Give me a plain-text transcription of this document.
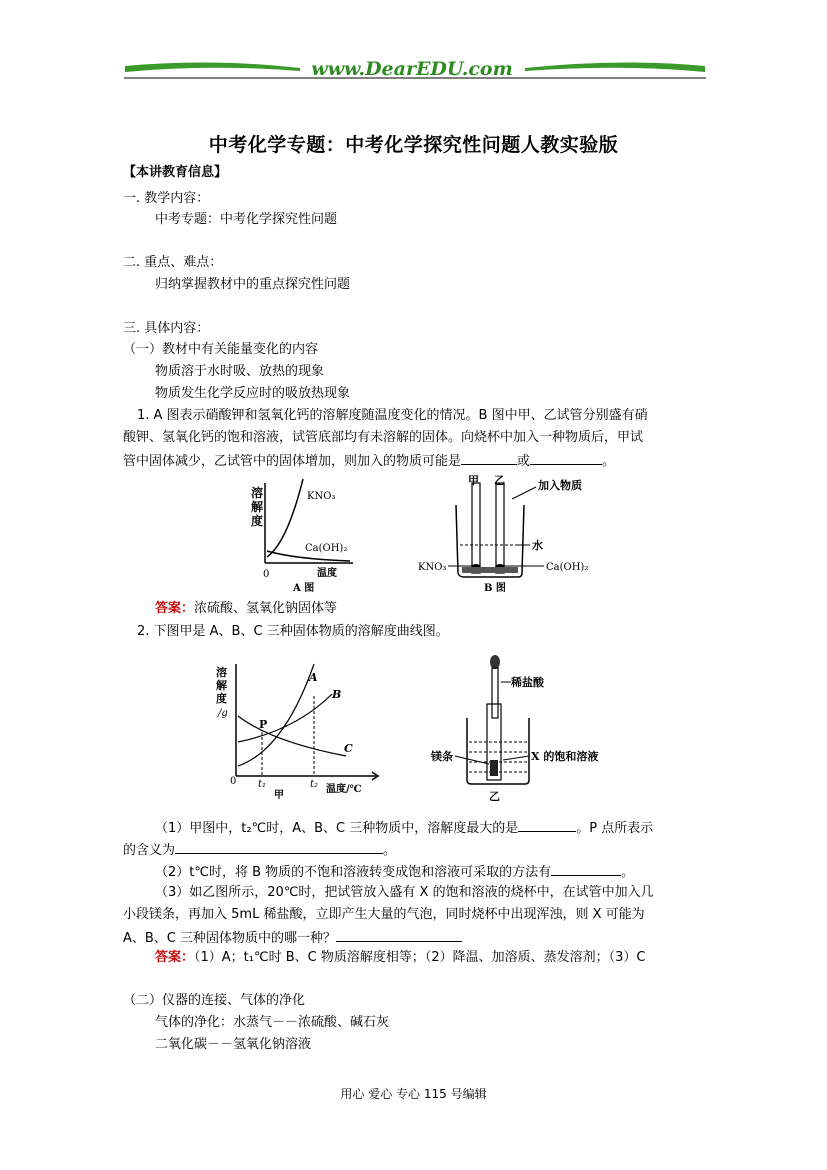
www.DearEDU.com
中考化学专题：中考化学探究性问题人教实验版
【本讲教育信息】
一. 教学内容：
中考专题：中考化学探究性问题
二. 重点、难点：
归纳掌握教材中的重点探究性问题
三. 具体内容：
（一）教材中有关能量变化的内容
物质溶于水时吸、放热的现象
物质发生化学反应时的吸放热现象
1. A 图表示硝酸钾和氢氧化钙的溶解度随温度变化的情况。B 图中甲、乙试管分别盛有硝
酸钾、氢氧化钙的饱和溶液，试管底部均有未溶解的固体。向烧杯中加入一种物质后，甲试
管中固体减少，乙试管中的固体增加，则加入的物质可能是	或	。
溶
解
度
KNO₃
Ca(OH)₂
0	温度
A 图
甲 乙	加入物质
水
KNO₃	Ca(OH)₂
B 图
答案：浓硫酸、氢氧化钠固体等
2. 下图甲是 A、B、C 三种固体物质的溶解度曲线图。
溶
解
度
/g
A
B
C
P
0 t₁	t₂ 温度/℃
甲
稀盐酸
镁条	X 的饱和溶液
乙
（1）甲图中，t₂℃时，A、B、C 三种物质中，溶解度最大的是	。P 点所表示
的含义为	。
（2）t℃时，将 B 物质的不饱和溶液转变成饱和溶液可采取的方法有	。
（3）如乙图所示，20℃时，把试管放入盛有 X 的饱和溶液的烧杯中，在试管中加入几
小段镁条，再加入 5mL 稀盐酸，立即产生大量的气泡，同时烧杯中出现浑浊，则 X 可能为
A、B、C 三种固体物质中的哪一种？
答案：（1）A；t₁℃时 B、C 物质溶解度相等；（2）降温、加溶质、蒸发溶剂；（3）C
（二）仪器的连接、气体的净化
气体的净化：水蒸气－－浓硫酸、碱石灰
二氧化碳－－氢氧化钠溶液
用心 爱心 专心 115 号编辑
